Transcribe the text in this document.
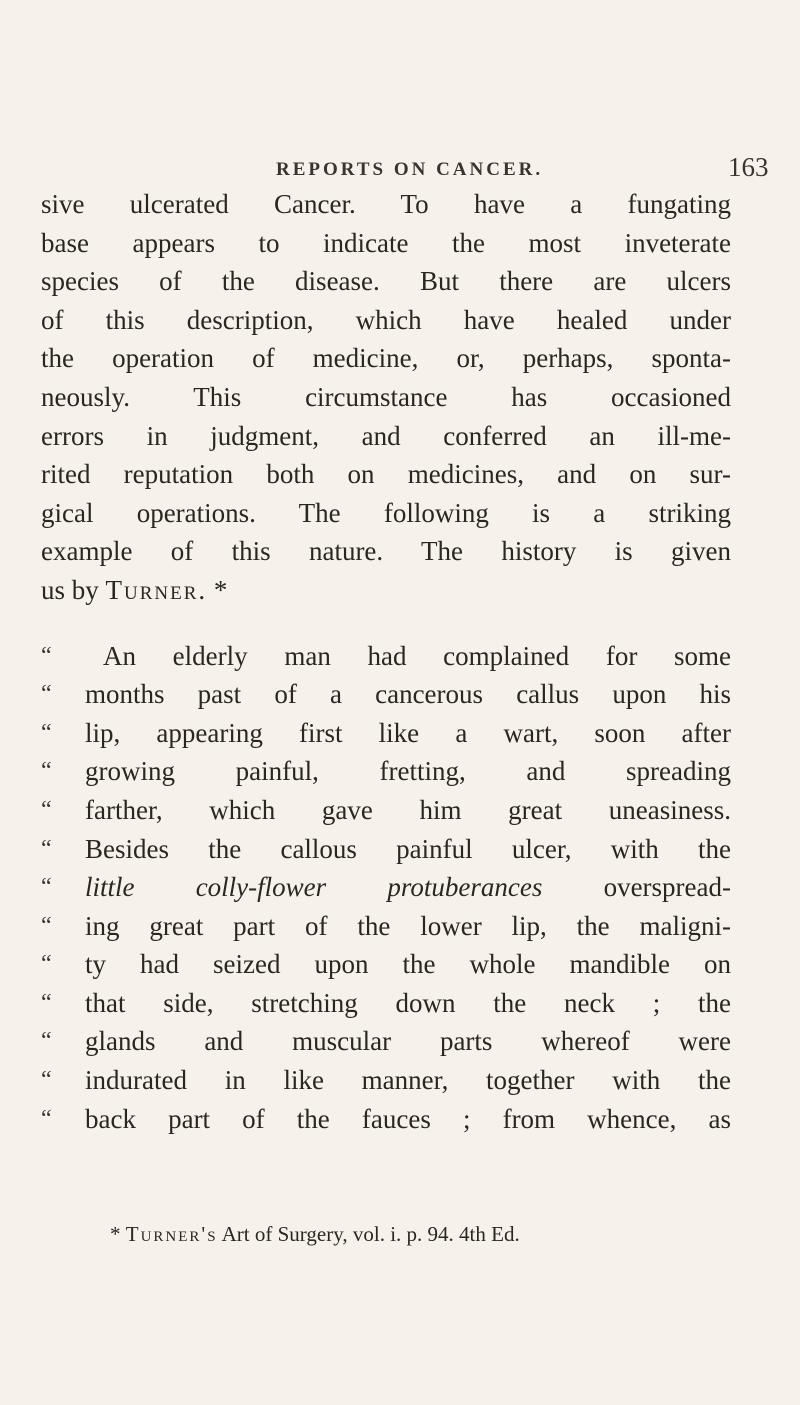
REPORTS ON CANCER.	163
sive ulcerated Cancer. To have a fungating
base appears to indicate the most inveterate
species of the disease. But there are ulcers
of this description, which have healed under
the operation of medicine, or, perhaps, sponta-
neously. This circumstance has occasioned
errors in judgment, and conferred an ill-me-
rited reputation both on medicines, and on sur-
gical operations. The following is a striking
example of this nature. The history is given
us by Turner. *
“	An elderly man had complained for some
“	months past of a cancerous callus upon his
“	lip, appearing first like a wart, soon after
“	growing painful, fretting, and spreading
“	farther, which gave him great uneasiness.
“	Besides the callous painful ulcer, with the
“	little colly-flower protuberances overspread-
“	ing great part of the lower lip, the maligni-
“	ty had seized upon the whole mandible on
“	that side, stretching down the neck ; the
“	glands and muscular parts whereof were
“	indurated in like manner, together with the
“	back part of the fauces ; from whence, as
* Turner's Art of Surgery, vol. i. p. 94. 4th Ed.
